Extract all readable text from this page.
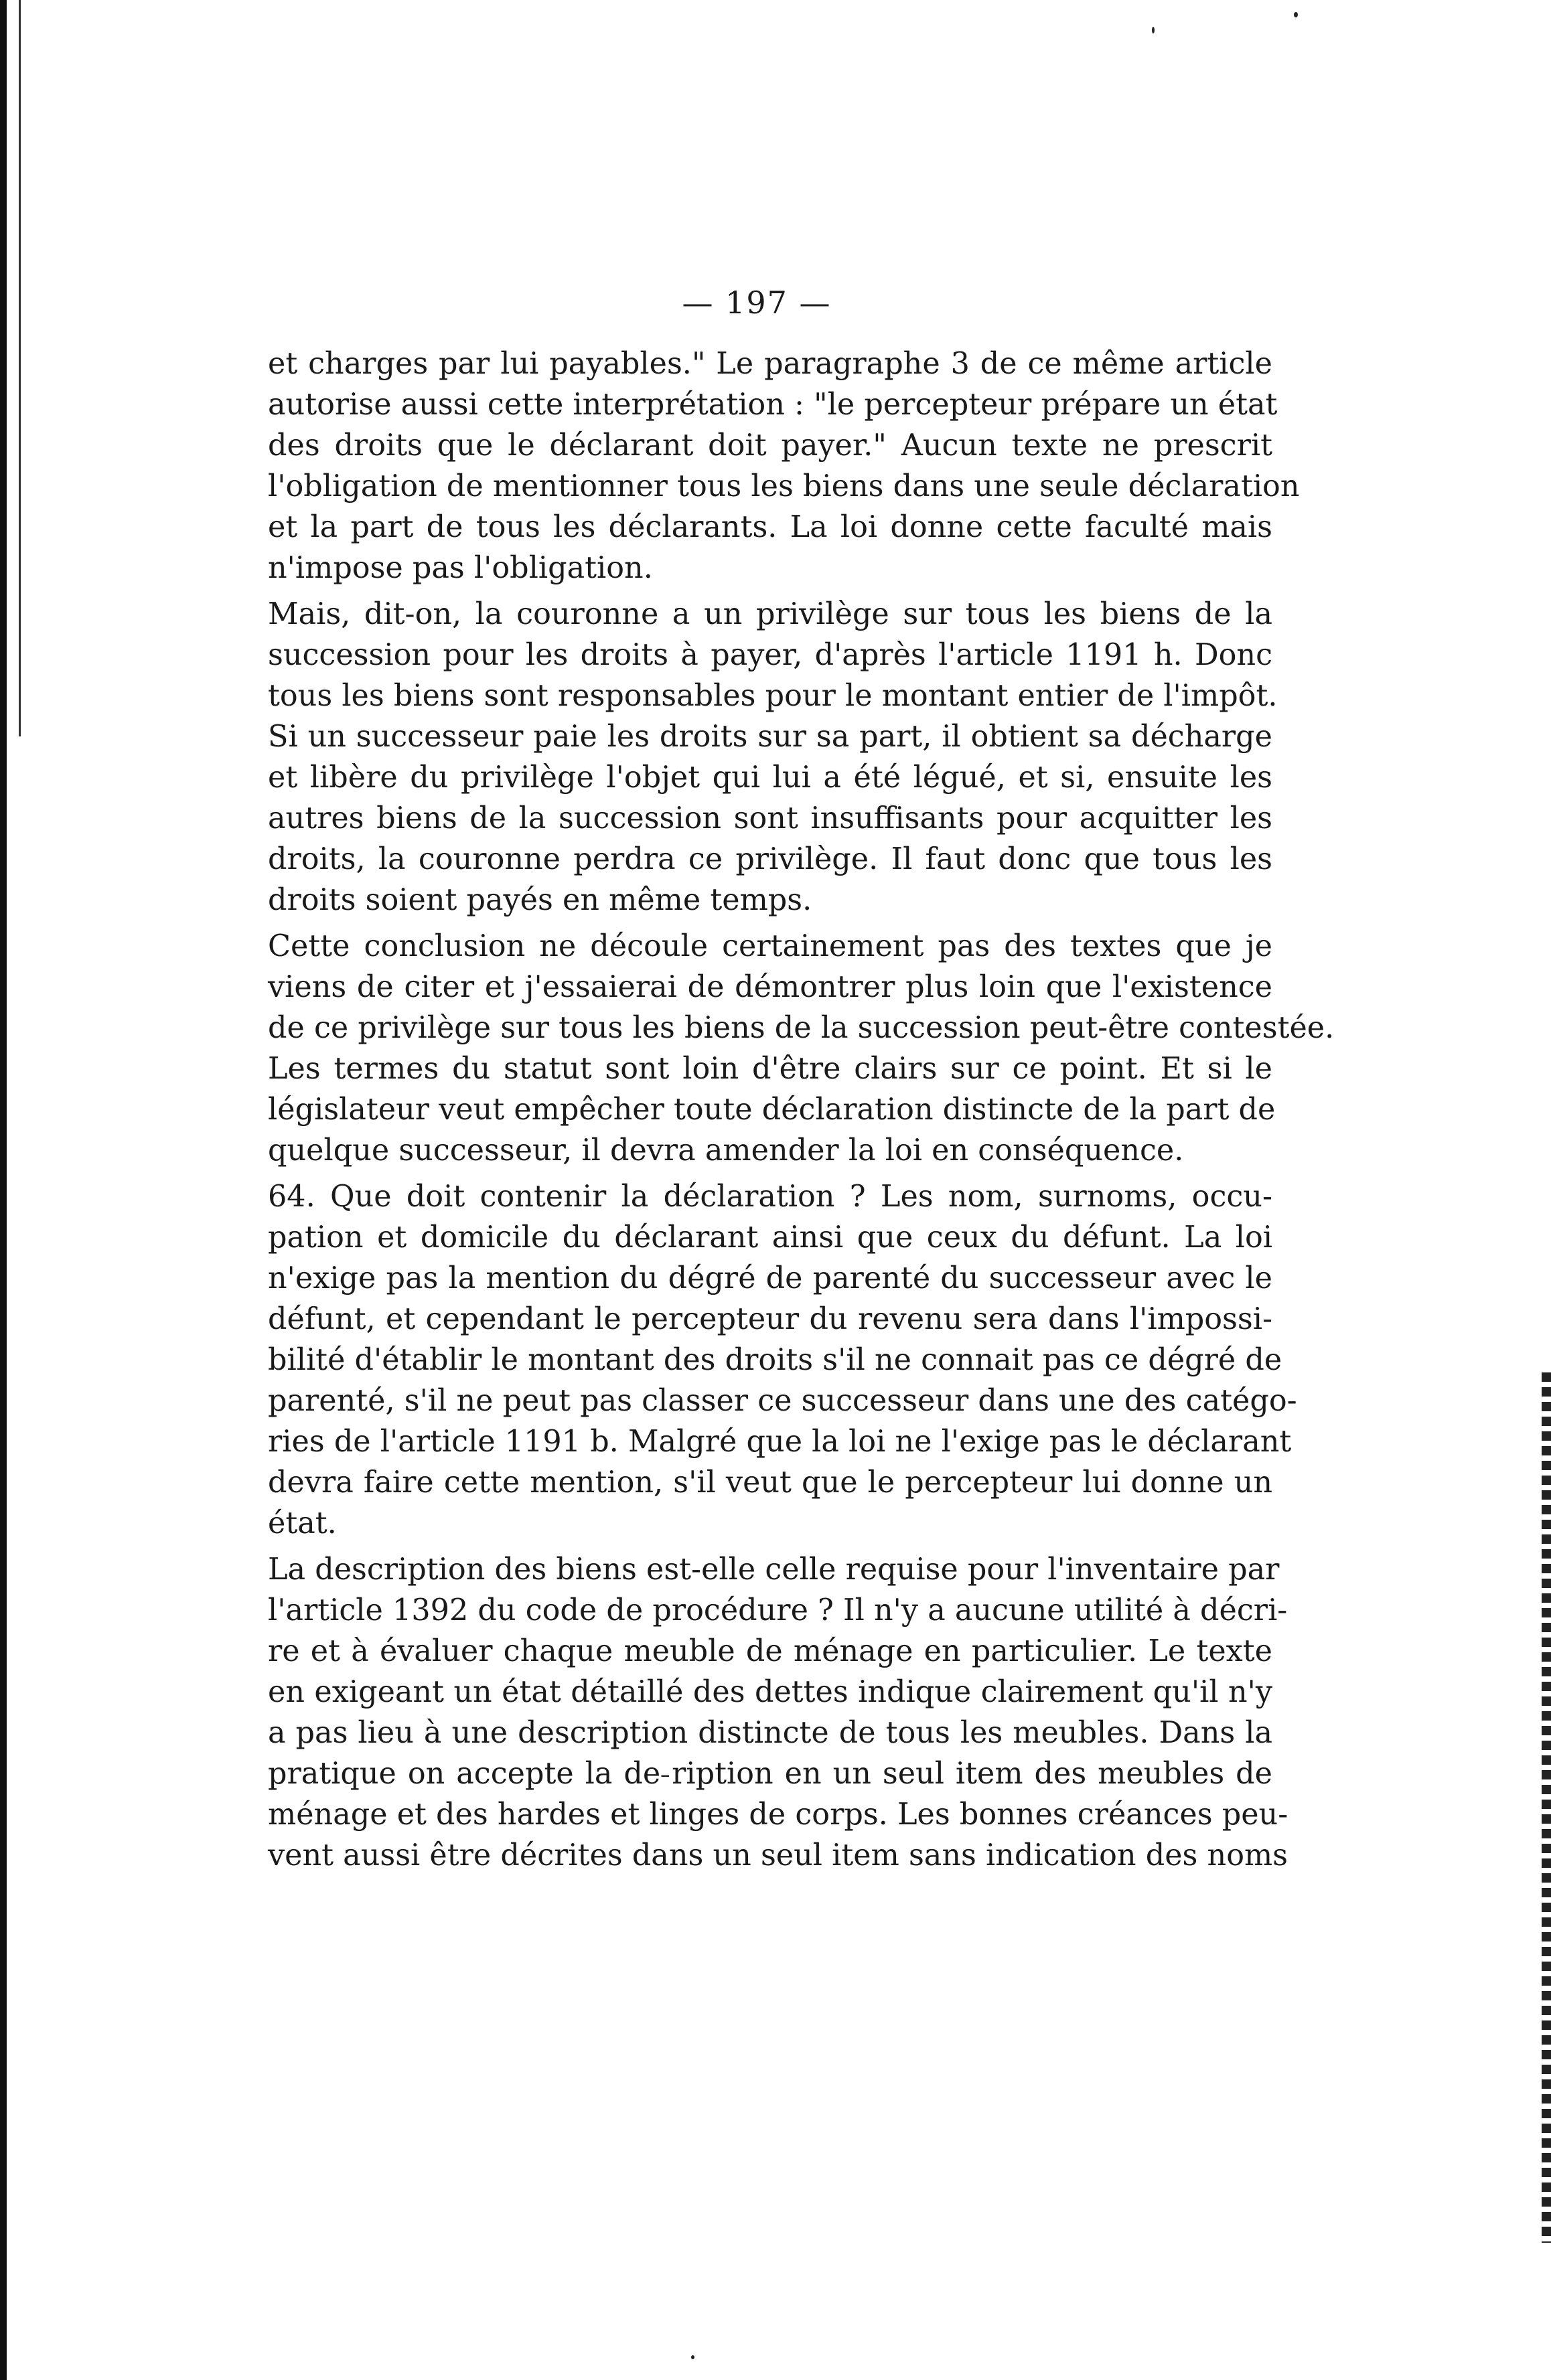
— 197 —
et charges par lui payables." Le paragraphe 3 de ce même article
autorise aussi cette interprétation : "le percepteur prépare un état
des droits que le déclarant doit payer." Aucun texte ne prescrit
l'obligation de mentionner tous les biens dans une seule déclaration
et la part de tous les déclarants. La loi donne cette faculté mais
n'impose pas l'obligation.
Mais, dit-on, la couronne a un privilège sur tous les biens de la
succession pour les droits à payer, d'après l'article 1191 h. Donc
tous les biens sont responsables pour le montant entier de l'impôt.
Si un successeur paie les droits sur sa part, il obtient sa décharge
et libère du privilège l'objet qui lui a été légué, et si, ensuite les
autres biens de la succession sont insuffisants pour acquitter les
droits, la couronne perdra ce privilège. Il faut donc que tous les
droits soient payés en même temps.
Cette conclusion ne découle certainement pas des textes que je
viens de citer et j'essaierai de démontrer plus loin que l'existence
de ce privilège sur tous les biens de la succession peut-être contestée.
Les termes du statut sont loin d'être clairs sur ce point. Et si le
législateur veut empêcher toute déclaration distincte de la part de
quelque successeur, il devra amender la loi en conséquence.
64. Que doit contenir la déclaration ? Les nom, surnoms, occu-
pation et domicile du déclarant ainsi que ceux du défunt. La loi
n'exige pas la mention du dégré de parenté du successeur avec le
défunt, et cependant le percepteur du revenu sera dans l'impossi-
bilité d'établir le montant des droits s'il ne connait pas ce dégré de
parenté, s'il ne peut pas classer ce successeur dans une des catégo-
ries de l'article 1191 b. Malgré que la loi ne l'exige pas le déclarant
devra faire cette mention, s'il veut que le percepteur lui donne un
état.
La description des biens est-elle celle requise pour l'inventaire par
l'article 1392 du code de procédure ? Il n'y a aucune utilité à décri-
re et à évaluer chaque meuble de ménage en particulier. Le texte
en exigeant un état détaillé des dettes indique clairement qu'il n'y
a pas lieu à une description distincte de tous les meubles. Dans la
pratique on accepte la de ̵ription en un seul item des meubles de
ménage et des hardes et linges de corps. Les bonnes créances peu-
vent aussi être décrites dans un seul item sans indication des noms
